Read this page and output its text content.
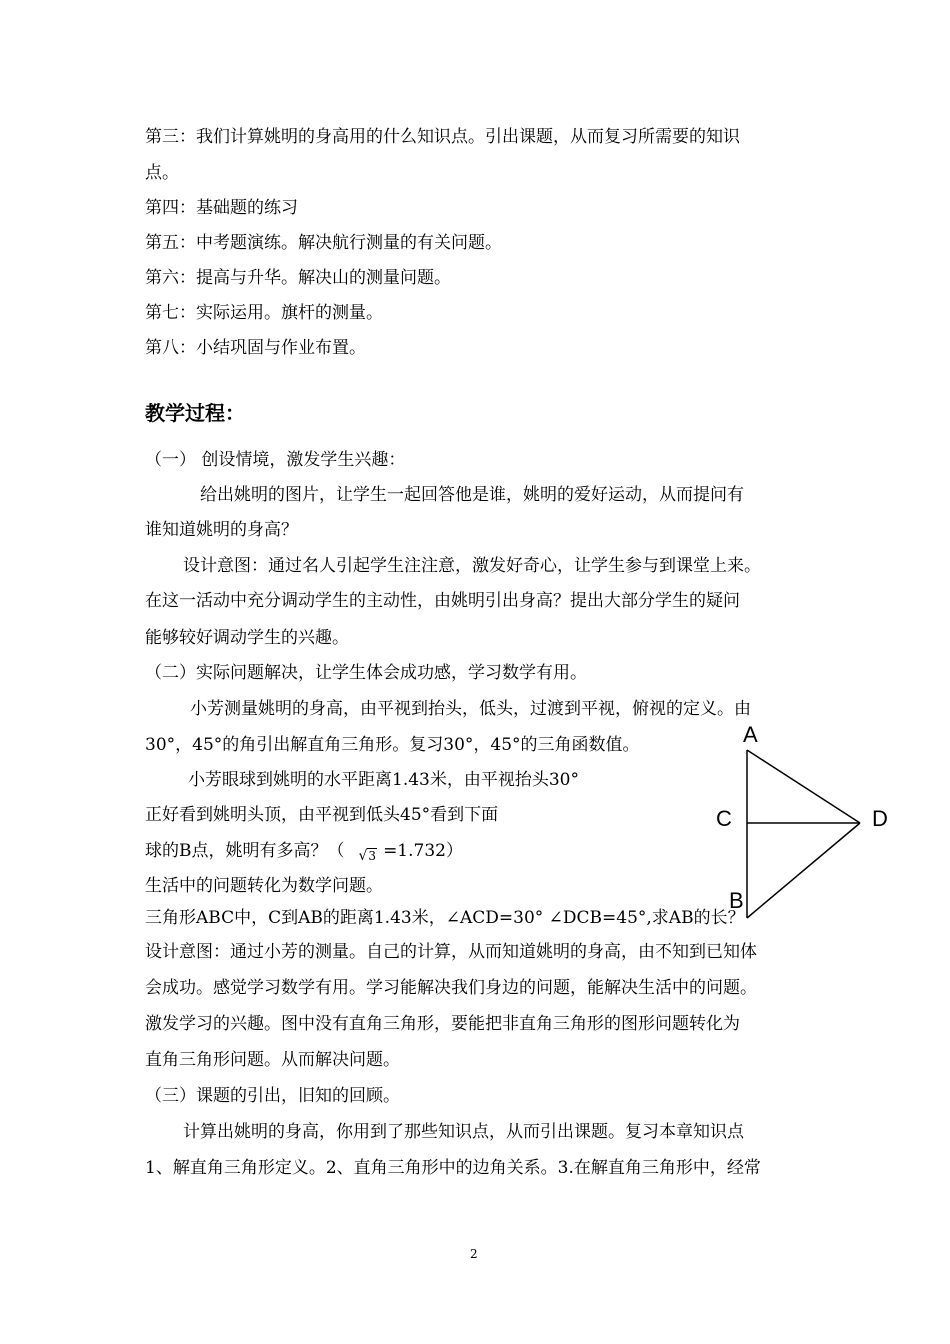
第三：我们计算姚明的身高用的什么知识点。引出课题，从而复习所需要的知识
点。
第四：基础题的练习
第五：中考题演练。解决航行测量的有关问题。
第六：提高与升华。解决山的测量问题。
第七：实际运用。旗杆的测量。
第八：小结巩固与作业布置。
教学过程：
（一） 创设情境，激发学生兴趣：
给出姚明的图片，让学生一起回答他是谁，姚明的爱好运动，从而提问有
谁知道姚明的身高？
设计意图：通过名人引起学生注注意，激发好奇心，让学生参与到课堂上来。
在这一活动中充分调动学生的主动性，由姚明引出身高？提出大部分学生的疑问
能够较好调动学生的兴趣。
（二）实际问题解决，让学生体会成功感，学习数学有用。
小芳测量姚明的身高，由平视到抬头，低头，过渡到平视，俯视的定义。由
30°，45°的角引出解直角三角形。复习30°，45°的三角函数值。
小芳眼球到姚明的水平距离1.43米，由平视抬头30°
正好看到姚明头顶，由平视到低头45°看到下面
球的B点，姚明有多高？（ √3 =1.732）
生活中的问题转化为数学问题。
三角形ABC中，C到AB的距离1.43米，∠ACD=30° ∠DCB=45°,求AB的长？
设计意图：通过小芳的测量。自己的计算，从而知道姚明的身高，由不知到已知体
会成功。感觉学习数学有用。学习能解决我们身边的问题，能解决生活中的问题。
激发学习的兴趣。图中没有直角三角形，要能把非直角三角形的图形问题转化为
直角三角形问题。从而解决问题。
（三）课题的引出，旧知的回顾。
计算出姚明的身高，你用到了那些知识点，从而引出课题。复习本章知识点
1、解直角三角形定义。2、直角三角形中的边角关系。3.在解直角三角形中，经常
A
C	D
B
2
